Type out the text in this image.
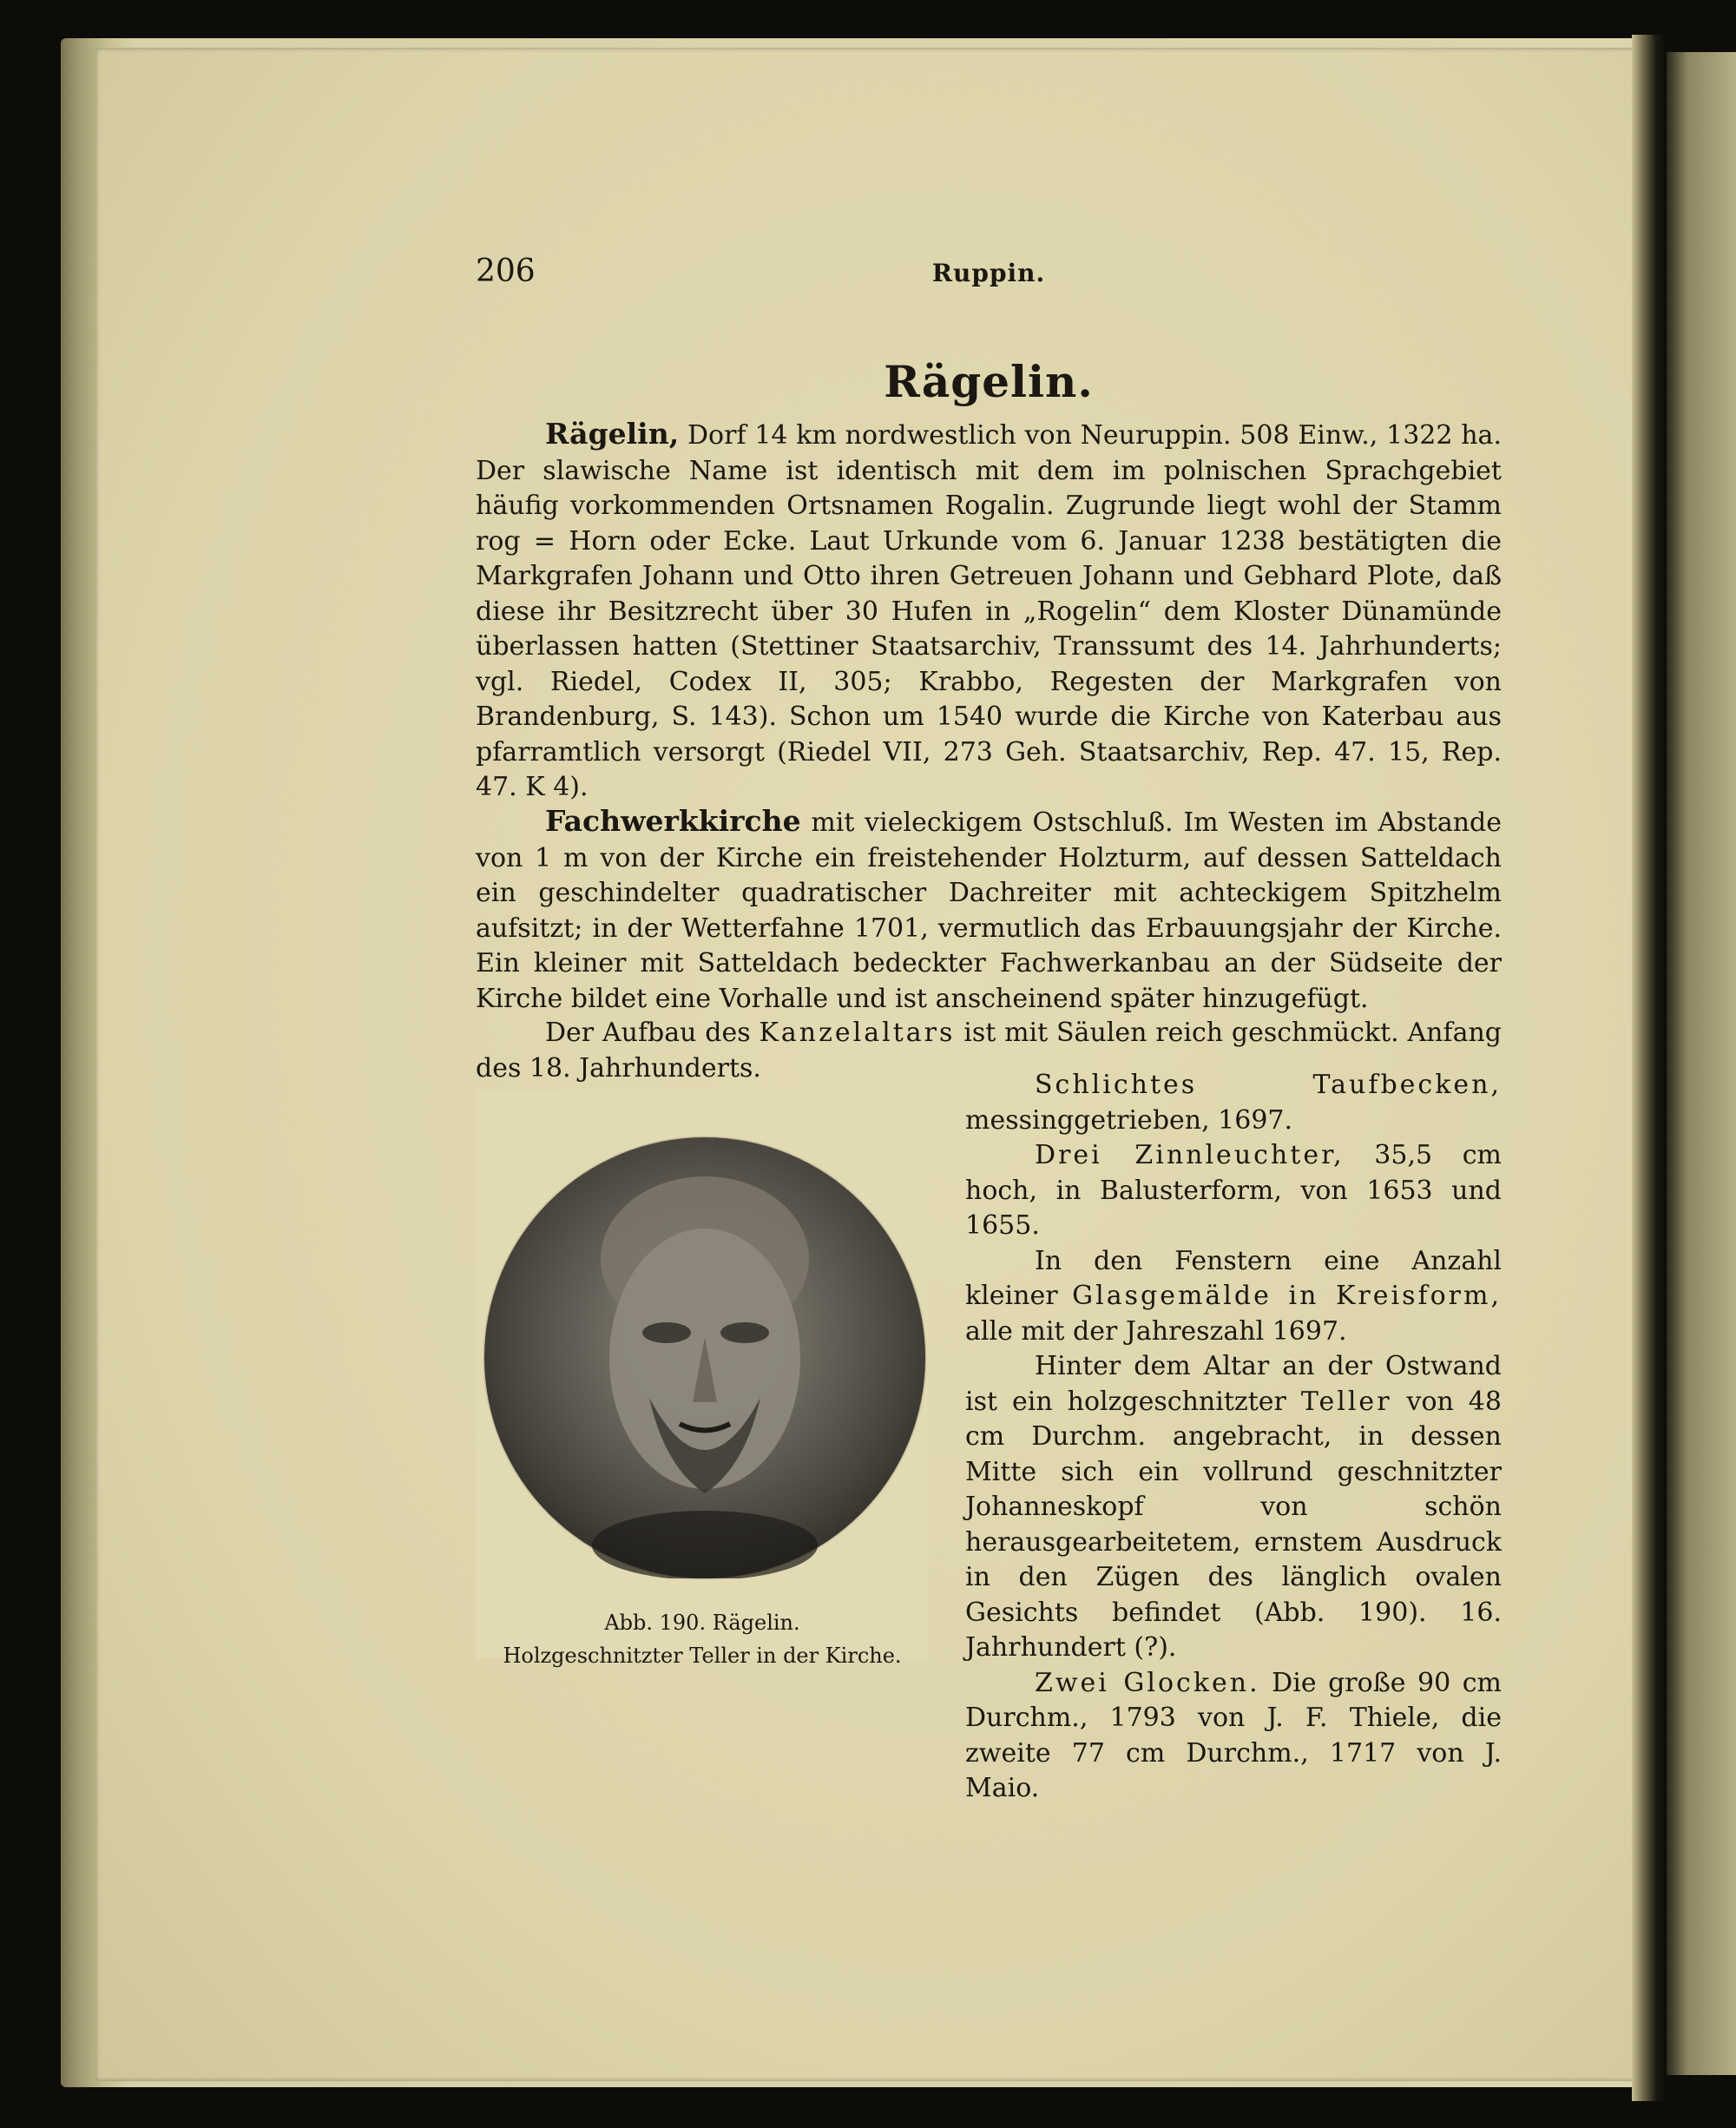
206	Ruppin.
Rägelin.
Rägelin, Dorf 14 km nordwestlich von Neuruppin. 508 Einw., 1322 ha. Der slawische Name ist identisch mit dem im polnischen Sprachgebiet häufig vorkommenden Ortsnamen Rogalin. Zugrunde liegt wohl der Stamm rog = Horn oder Ecke. Laut Urkunde vom 6. Januar 1238 bestätigten die Markgrafen Johann und Otto ihren Getreuen Johann und Gebhard Plote, daß diese ihr Besitzrecht über 30 Hufen in „Rogelin“ dem Kloster Dünamünde überlassen hatten (Stettiner Staatsarchiv, Transsumt des 14. Jahrhunderts; vgl. Riedel, Codex II, 305; Krabbo, Regesten der Markgrafen von Brandenburg, S. 143). Schon um 1540 wurde die Kirche von Katerbau aus pfarramtlich versorgt (Riedel VII, 273 Geh. Staatsarchiv, Rep. 47. 15, Rep. 47. K 4).
Fachwerkkirche mit vieleckigem Ostschluß. Im Westen im Abstande von 1 m von der Kirche ein freistehender Holzturm, auf dessen Satteldach ein geschindelter quadratischer Dachreiter mit achteckigem Spitzhelm aufsitzt; in der Wetterfahne 1701, vermutlich das Erbauungsjahr der Kirche. Ein kleiner mit Satteldach bedeckter Fachwerkanbau an der Südseite der Kirche bildet eine Vorhalle und ist anscheinend später hinzugefügt.
Der Aufbau des Kanzelaltars ist mit Säulen reich geschmückt. Anfang des 18. Jahrhunderts.

Schlichtes Taufbecken, messinggetrieben, 1697.

Drei Zinnleuchter, 35,5 cm hoch, in Balusterform, von 1653 und 1655.

In den Fenstern eine Anzahl kleiner Glasgemälde in Kreisform, alle mit der Jahreszahl 1697.

Hinter dem Altar an der Ostwand ist ein holzgeschnitzter Teller von 48 cm Durchm. angebracht, in dessen Mitte sich ein vollrund geschnitzter Johanneskopf von schön herausgearbeitetem, ernstem Ausdruck in den Zügen des länglich ovalen Gesichts befindet (Abb. 190). 16. Jahrhundert (?).

Zwei Glocken. Die große 90 cm Durchm., 1793 von J. F. Thiele, die zweite 77 cm Durchm., 1717 von J. Maio.

Abb. 190. Rägelin.
Holzgeschnitzter Teller in der Kirche.
